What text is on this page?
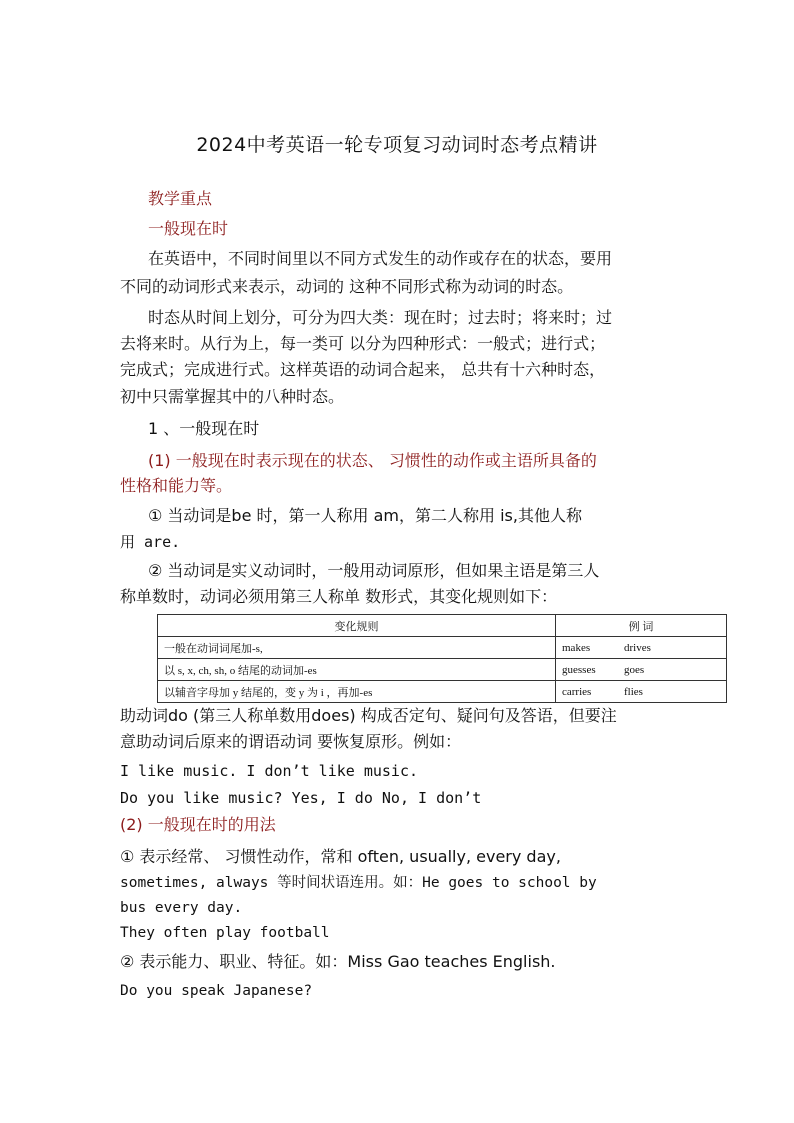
2024中考英语一轮专项复习动词时态考点精讲
教学重点
一般现在时
在英语中，不同时间里以不同方式发生的动作或存在的状态，要用
不同的动词形式来表示，动词的 这种不同形式称为动词的时态。
时态从时间上划分，可分为四大类：现在时；过去时；将来时；过
去将来时。从行为上，每一类可 以分为四种形式：一般式；进行式；
完成式；完成进行式。这样英语的动词合起来， 总共有十六种时态，
初中只需掌握其中的八种时态。
1 、一般现在时
(1) 一般现在时表示现在的状态、 习惯性的动作或主语所具备的
性格和能力等。
① 当动词是be 时，第一人称用 am，第二人称用 is,其他人称
用 are.
② 当动词是实义动词时，一般用动词原形，但如果主语是第三人
称单数时，动词必须用第三人称单 数形式，其变化规则如下：
变化规则	例 词
一般在动词词尾加-s,	makes drives
以 s, x, ch, sh, o 结尾的动词加-es	guesses goes
以辅音字母加 y 结尾的，变 y 为 i ，再加-es	carries flies
助动词do (第三人称单数用does) 构成否定句、疑问句及答语，但要注
意助动词后原来的谓语动词 要恢复原形。例如：
I like music. I don’t like music.
Do you like music? Yes, I do No, I don’t
(2) 一般现在时的用法
① 表示经常、 习惯性动作，常和 often, usually, every day,
sometimes, always 等时间状语连用。如：He goes to school by
bus every day.
They often play football
② 表示能力、职业、特征。如：Miss Gao teaches English.
Do you speak Japanese?
